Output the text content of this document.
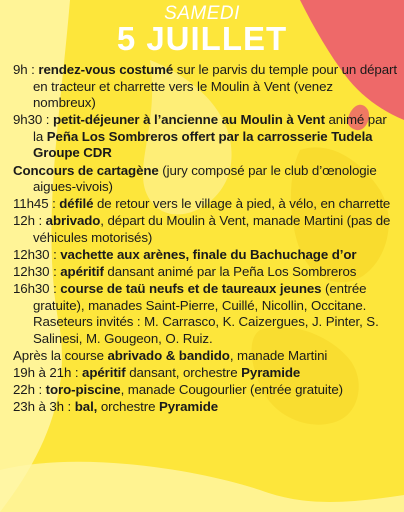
SAMEDI
5 JUILLET

9h : rendez-vous costumé sur le parvis du temple pour un départ en tracteur et charrette vers le Moulin à Vent (venez nombreux)

9h30 : petit-déjeuner à l’ancienne au Moulin à Vent animé par la Peña Los Sombreros offert par la carrosserie Tudela Groupe CDR

Concours de cartagène (jury composé par le club d’œnologie aigues-vivois)

11h45 : défilé de retour vers le village à pied, à vélo, en charrette

12h : abrivado, départ du Moulin à Vent, manade Martini (pas de véhicules motorisés)

12h30 : vachette aux arènes, finale du Bachuchage d’or

12h30 : apéritif dansant animé par la Peña Los Sombreros

16h30 : course de taü neufs et de taureaux jeunes (entrée gratuite), manades Saint-Pierre, Cuillé, Nicollin, Occitane. Raseteurs invités : M. Carrasco, K. Caizergues, J. Pinter, S. Salinesi, M. Gougeon, O. Ruiz.

Après la course abrivado & bandido, manade Martini

19h à 21h : apéritif dansant, orchestre Pyramide

22h : toro-piscine, manade Cougourlier (entrée gratuite)

23h à 3h : bal, orchestre Pyramide
